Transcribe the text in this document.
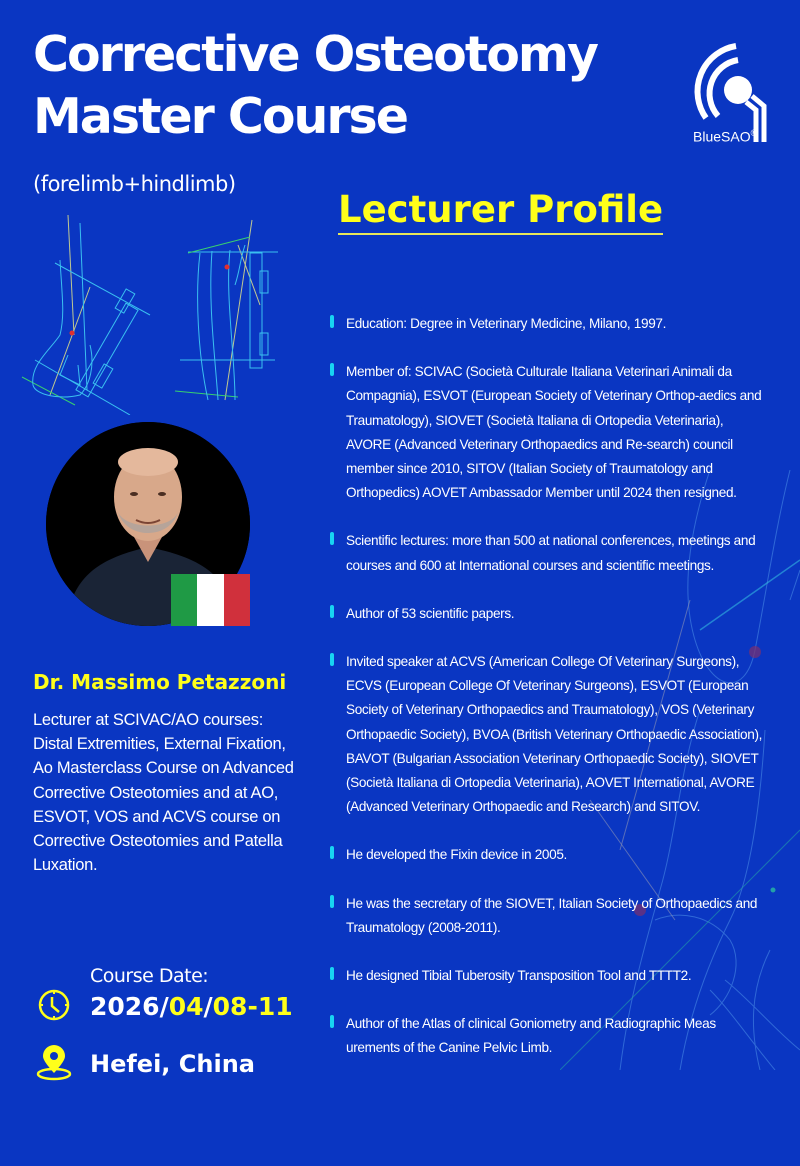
Corrective Osteotomy
Master Course
(forelimb+hindlimb)
BlueSAO®
Lecturer Profile
Dr. Massimo Petazzoni
Lecturer at SCIVAC/AO courses: Distal Extremities, External Fixation, Ao Masterclass Course on Advanced Corrective Osteotomies and at AO, ESVOT, VOS and ACVS course on Corrective Osteotomies and Patella Luxation.
Course Date:
2026/04/08-11
Hefei, China
Education: Degree in Veterinary Medicine, Milano, 1997.
Member of: SCIVAC (Società Culturale Italiana Veterinari Animali da Compagnia), ESVOT (European Society of Veterinary Orthop-aedics and Traumatology), SIOVET (Società Italiana di Ortopedia Veterinaria), AVORE (Advanced Veterinary Orthopaedics and Re-search) council member since 2010, SITOV (Italian Society of Traumatology and Orthopedics) AOVET Ambassador Member until 2024 then resigned.
Scientific lectures: more than 500 at national conferences, meetings and courses and 600 at International courses and scientific meetings.
Author of 53 scientific papers.
Invited speaker at ACVS (American College Of Veterinary Surgeons), ECVS (European College Of Veterinary Surgeons), ESVOT (European Society of Veterinary Orthopaedics and Traumatology), VOS (Veterinary Orthopaedic Society), BVOA (British Veterinary Orthopaedic Association), BAVOT (Bulgarian Association Veterinary Orthopaedic Society), SIOVET (Società Italiana di Ortopedia Veterinaria), AOVET International, AVORE (Advanced Veterinary Orthopaedic and Research) and SITOV.
He developed the Fixin device in 2005.
He was the secretary of the SIOVET, Italian Society of Orthopaedics and Traumatology (2008-2011).
He designed Tibial Tuberosity Transposition Tool and TTTT2.
Author of the Atlas of clinical Goniometry and Radiographic Meas urements of the Canine Pelvic Limb.
